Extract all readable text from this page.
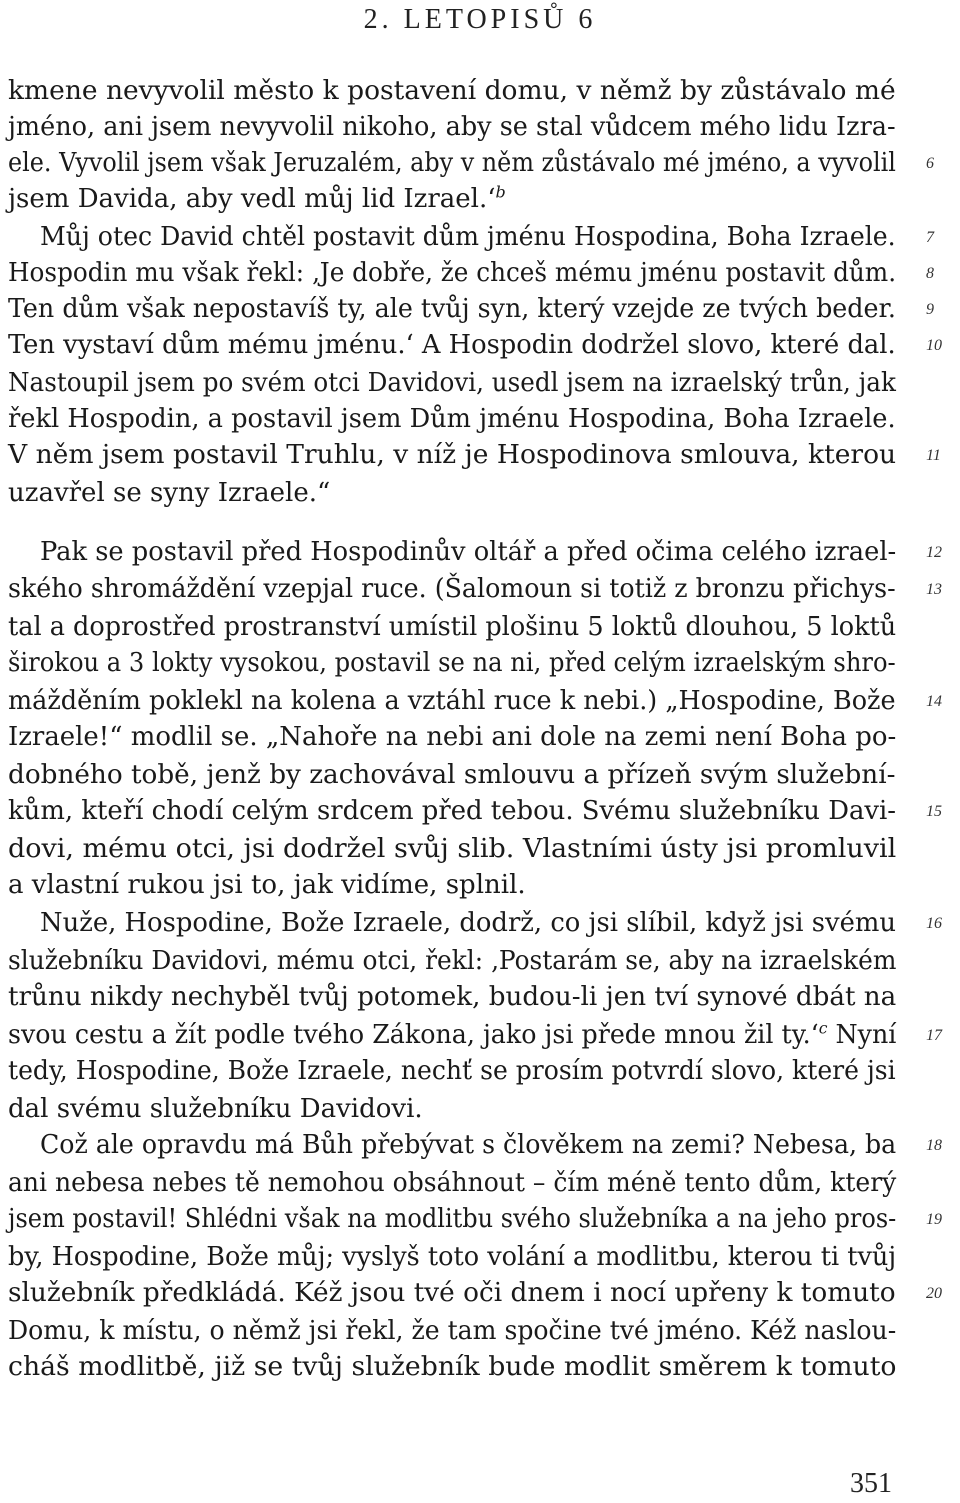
2. LETOPISŮ 6
kmene nevyvolil město k postavení domu, v němž by zůstávalo mé
jméno, ani jsem nevyvolil nikoho, aby se stal vůdcem mého lidu Izra-
ele. Vyvolil jsem však Jeruzalém, aby v něm zůstávalo mé jméno, a vyvolil
jsem Davida, aby vedl můj lid Izrael.‘$^b$
Můj otec David chtěl postavit dům jménu Hospodina, Boha Izraele.
Hospodin mu však řekl: ‚Je dobře, že chceš mému jménu postavit dům.
Ten dům však nepostavíš ty, ale tvůj syn, který vzejde ze tvých beder.
Ten vystaví dům mému jménu.‘ A Hospodin dodržel slovo, které dal.
Nastoupil jsem po svém otci Davidovi, usedl jsem na izraelský trůn, jak
řekl Hospodin, a postavil jsem Dům jménu Hospodina, Boha Izraele.
V něm jsem postavil Truhlu, v níž je Hospodinova smlouva, kterou
uzavřel se syny Izraele.“
Pak se postavil před Hospodinův oltář a před očima celého izrael-
ského shromáždění vzepjal ruce. (Šalomoun si totiž z bronzu přichys-
tal a doprostřed prostranství umístil plošinu 5 loktů dlouhou, 5 loktů
širokou a 3 lokty vysokou, postavil se na ni, před celým izraelským shro-
mážděním poklekl na kolena a vztáhl ruce k nebi.) „Hospodine, Bože
Izraele!“ modlil se. „Nahoře na nebi ani dole na zemi není Boha po-
dobného tobě, jenž by zachovával smlouvu a přízeň svým služební-
kům, kteří chodí celým srdcem před tebou. Svému služebníku Davi-
dovi, mému otci, jsi dodržel svůj slib. Vlastními ústy jsi promluvil
a vlastní rukou jsi to, jak vidíme, splnil.
Nuže, Hospodine, Bože Izraele, dodrž, co jsi slíbil, když jsi svému
služebníku Davidovi, mému otci, řekl: ‚Postarám se, aby na izraelském
trůnu nikdy nechyběl tvůj potomek, budou-li jen tví synové dbát na
svou cestu a žít podle tvého Zákona, jako jsi přede mnou žil ty.‘$^c$ Nyní
tedy, Hospodine, Bože Izraele, nechť se prosím potvrdí slovo, které jsi
dal svému služebníku Davidovi.
Což ale opravdu má Bůh přebývat s člověkem na zemi? Nebesa, ba
ani nebesa nebes tě nemohou obsáhnout – čím méně tento dům, který
jsem postavil! Shlédni však na modlitbu svého služebníka a na jeho pros-
by, Hospodine, Bože můj; vyslyš toto volání a modlitbu, kterou ti tvůj
služebník předkládá. Kéž jsou tvé oči dnem i nocí upřeny k tomuto
Domu, k místu, o němž jsi řekl, že tam spočine tvé jméno. Kéž naslou-
cháš modlitbě, již se tvůj služebník bude modlit směrem k tomuto
6
7
8
9
10
11
12
13
14
15
16
17
18
19
20
351
